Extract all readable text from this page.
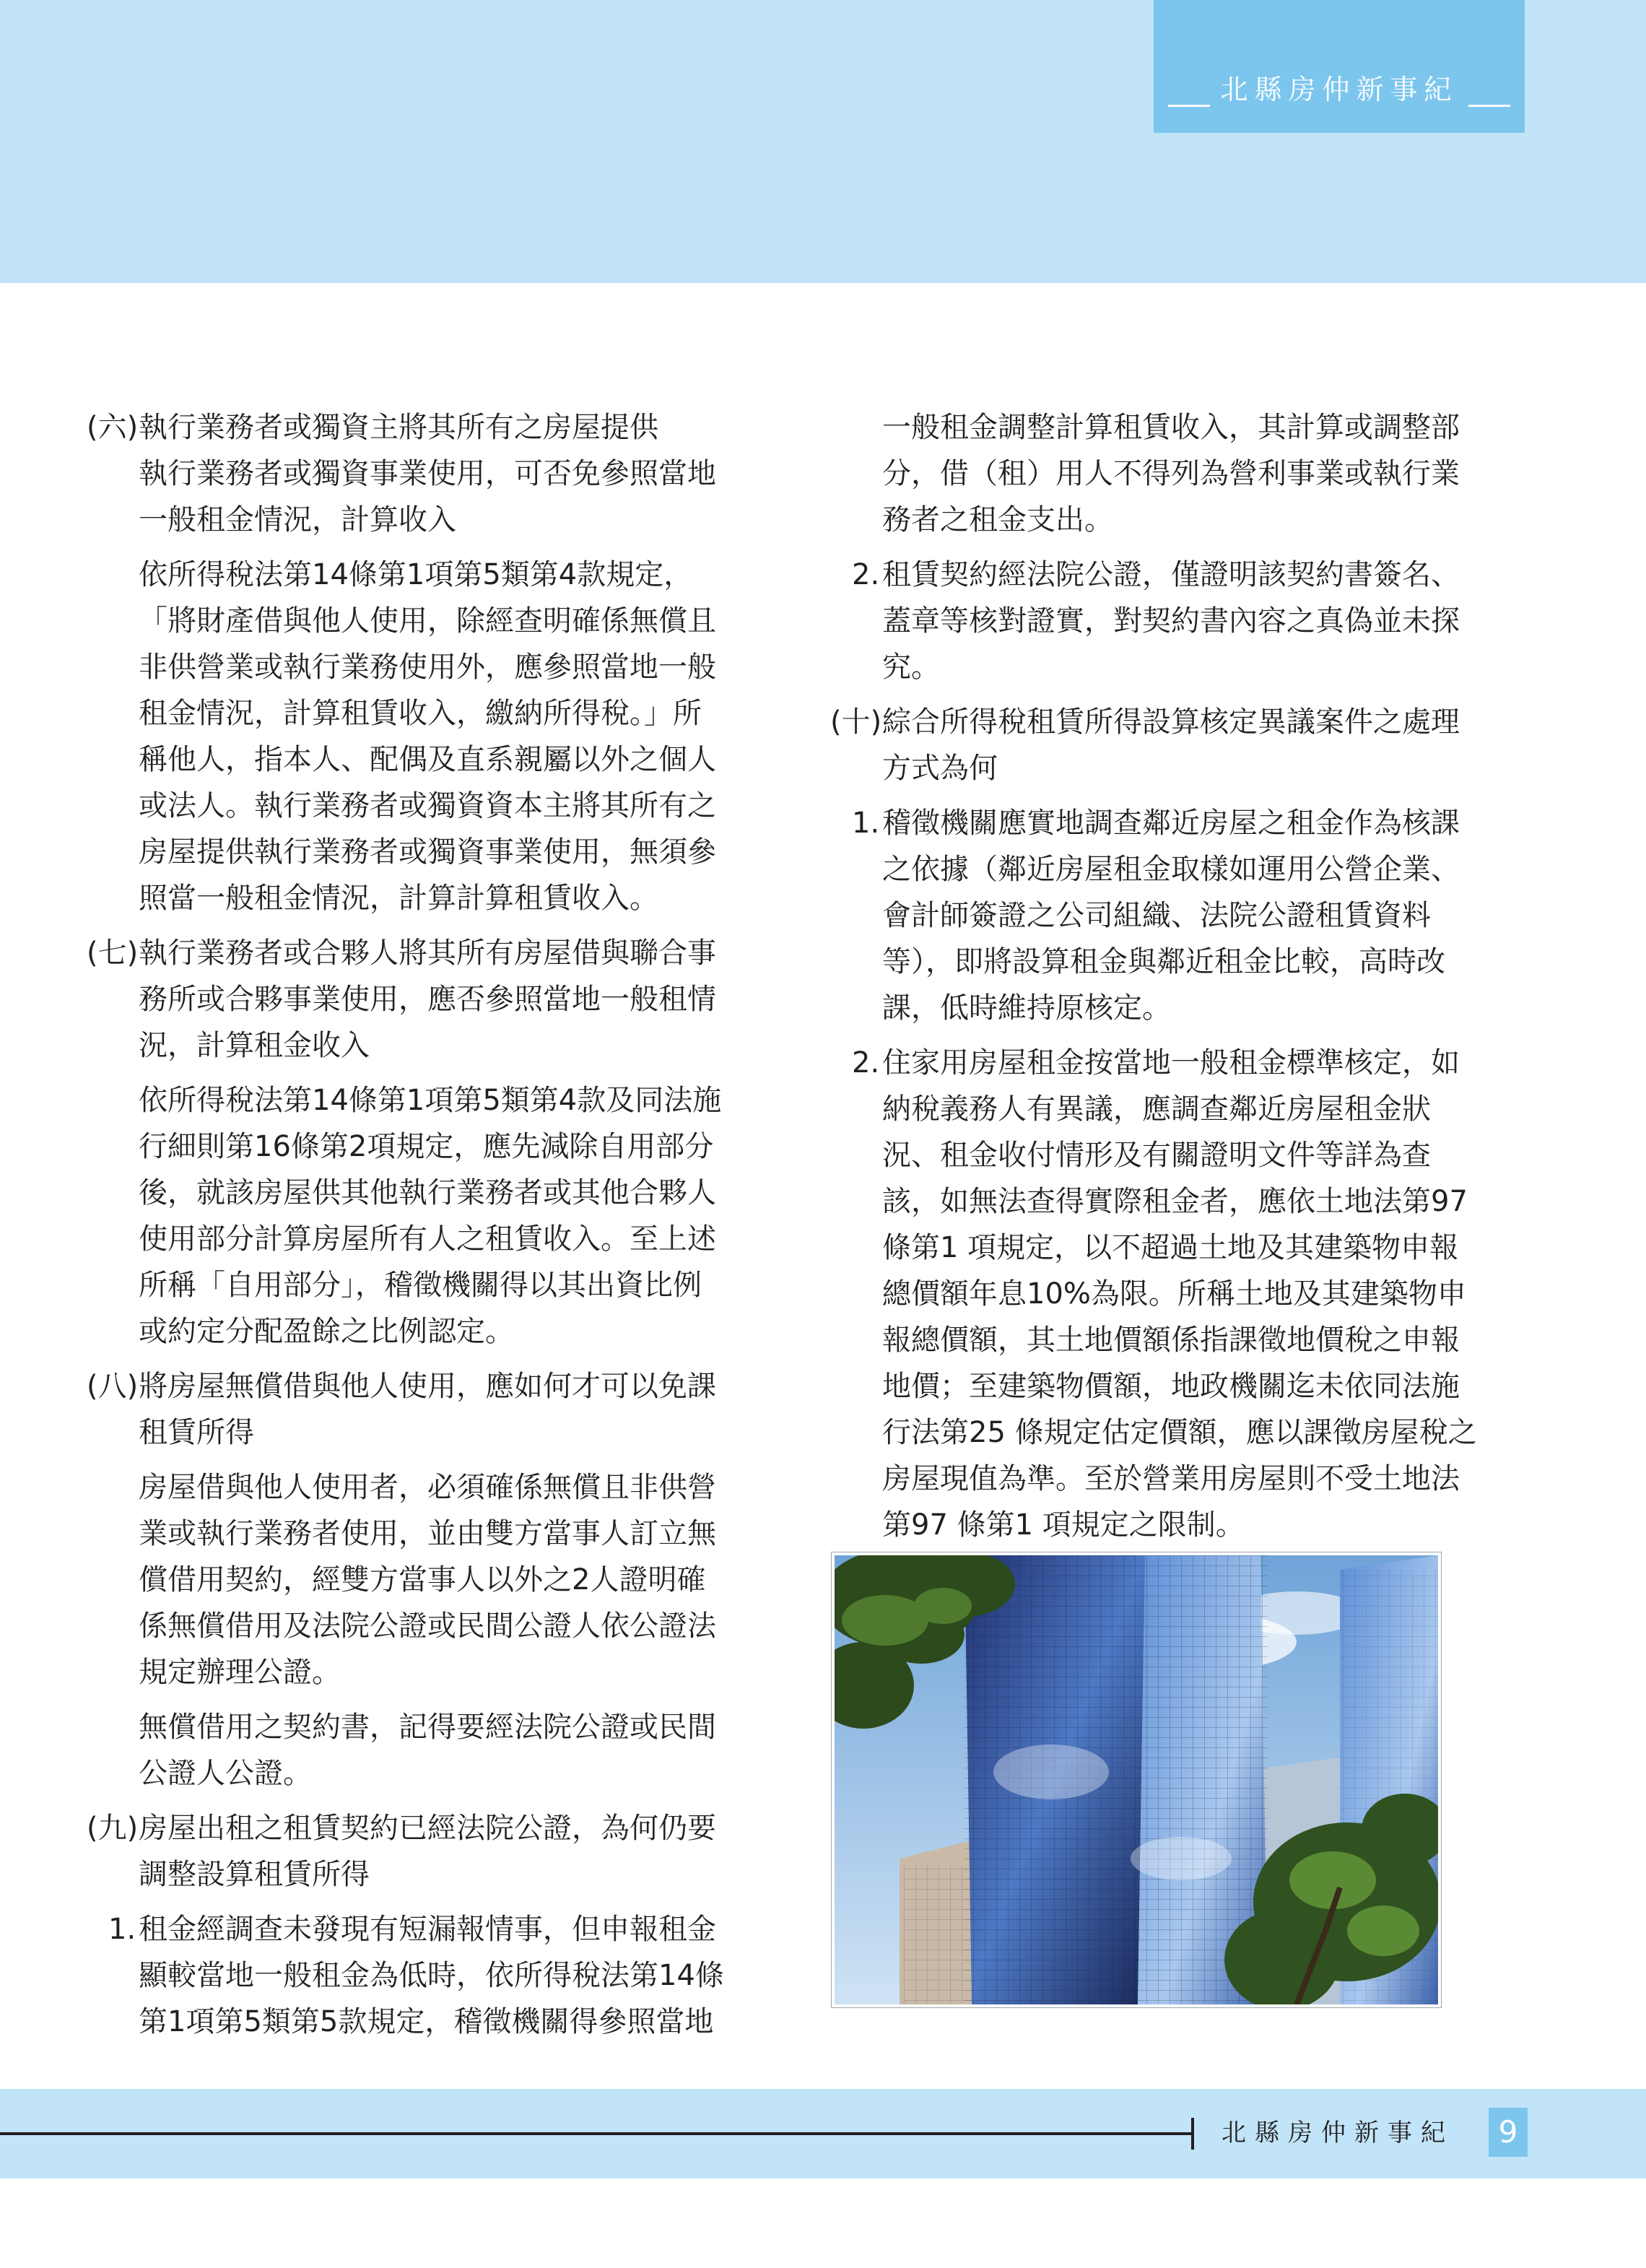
北縣房仲新事紀
(六) 執行業務者或獨資主將其所有之房屋提供
執行業務者或獨資事業使用，可否免參照當地
一般租金情況，計算收入
依所得稅法第14條第1項第5類第4款規定，
「將財產借與他人使用，除經查明確係無償且
非供營業或執行業務使用外，應參照當地一般
租金情況，計算租賃收入，繳納所得稅。」所
稱他人，指本人、配偶及直系親屬以外之個人
或法人。執行業務者或獨資資本主將其所有之
房屋提供執行業務者或獨資事業使用，無須參
照當一般租金情況，計算計算租賃收入。
(七) 執行業務者或合夥人將其所有房屋借與聯合事
務所或合夥事業使用，應否參照當地一般租情
況，計算租金收入
依所得稅法第14條第1項第5類第4款及同法施
行細則第16條第2項規定，應先減除自用部分
後，就該房屋供其他執行業務者或其他合夥人
使用部分計算房屋所有人之租賃收入。至上述
所稱「自用部分」，稽徵機關得以其出資比例
或約定分配盈餘之比例認定。
(八) 將房屋無償借與他人使用，應如何才可以免課
租賃所得
房屋借與他人使用者，必須確係無償且非供營
業或執行業務者使用，並由雙方當事人訂立無
償借用契約，經雙方當事人以外之2人證明確
係無償借用及法院公證或民間公證人依公證法
規定辦理公證。
無償借用之契約書，記得要經法院公證或民間
公證人公證。
(九) 房屋出租之租賃契約已經法院公證，為何仍要
調整設算租賃所得
1. 租金經調查未發現有短漏報情事，但申報租金
顯較當地一般租金為低時，依所得稅法第14條
第1項第5類第5款規定，稽徵機關得參照當地
一般租金調整計算租賃收入，其計算或調整部
分，借（租）用人不得列為營利事業或執行業
務者之租金支出。
2. 租賃契約經法院公證，僅證明該契約書簽名、
蓋章等核對證實，對契約書內容之真偽並未探
究。
(十) 綜合所得稅租賃所得設算核定異議案件之處理
方式為何
1. 稽徵機關應實地調查鄰近房屋之租金作為核課
之依據（鄰近房屋租金取樣如運用公營企業、
會計師簽證之公司組織、法院公證租賃資料
等），即將設算租金與鄰近租金比較，高時改
課，低時維持原核定。
2. 住家用房屋租金按當地一般租金標準核定，如
納稅義務人有異議，應調查鄰近房屋租金狀
況、租金收付情形及有關證明文件等詳為查
該，如無法查得實際租金者，應依土地法第97
條第1 項規定，以不超過土地及其建築物申報
總價額年息10%為限。所稱土地及其建築物申
報總價額，其土地價額係指課徵地價稅之申報
地價；至建築物價額，地政機關迄未依同法施
行法第25 條規定估定價額，應以課徵房屋稅之
房屋現值為準。至於營業用房屋則不受土地法
第97 條第1 項規定之限制。
北縣房仲新事紀	9
